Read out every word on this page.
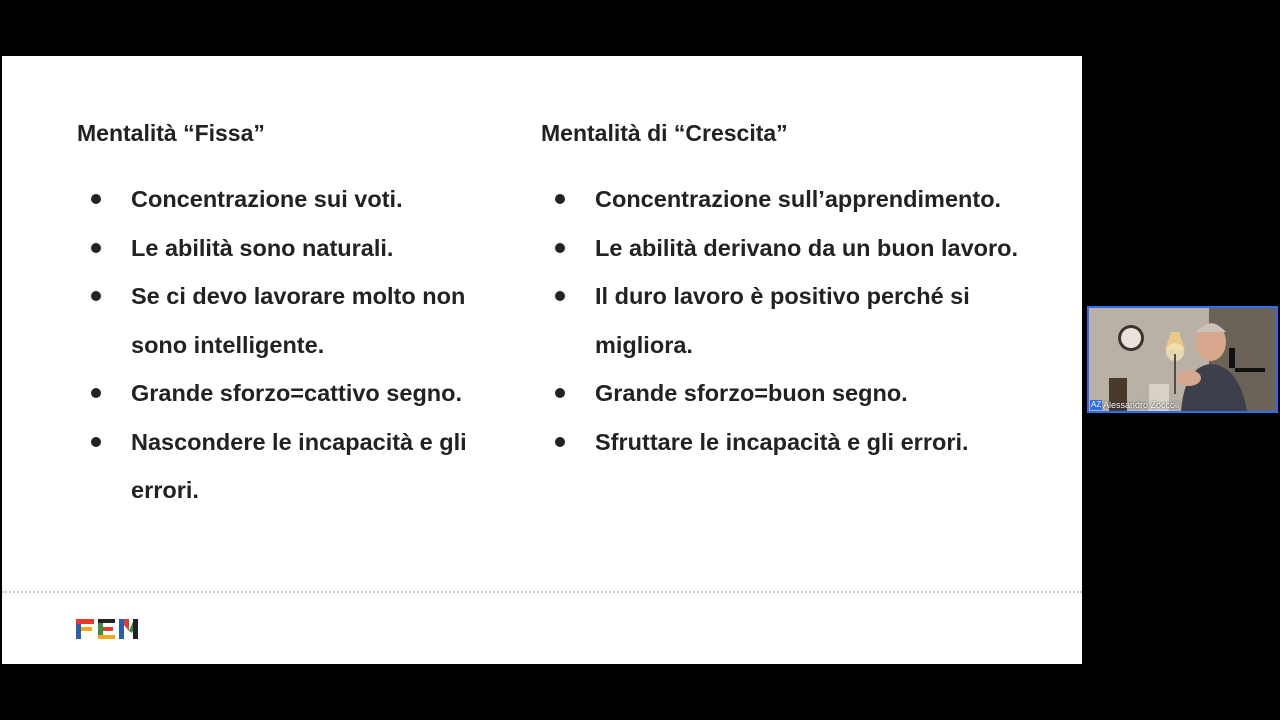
Mentalità “Fissa”
Concentrazione sui voti.
Le abilità sono naturali.
Se ci devo lavorare molto non sono intelligente.
Grande sforzo=cattivo segno.
Nascondere le incapacità e gli errori.
Mentalità di “Crescita”
Concentrazione sull’apprendimento.
Le abilità derivano da un buon lavoro.
Il duro lavoro è positivo perché si migliora.
Grande sforzo=buon segno.
Sfruttare le incapacità e gli errori.
AZ Alessandro Zoccoli
